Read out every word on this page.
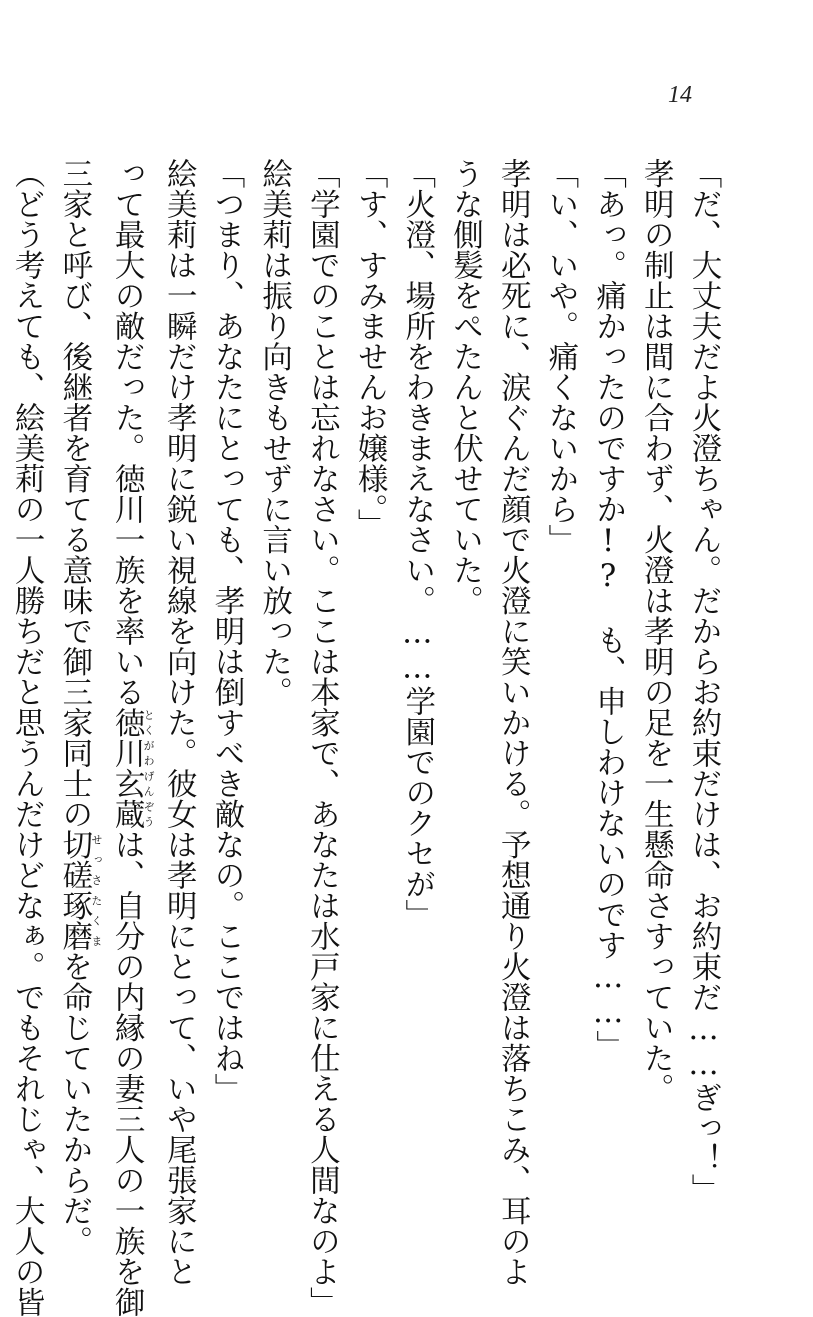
14
「だ、大丈夫だよ火澄ちゃん。だからお約束だけは、お約束だ……ぎっ！」
孝明の制止は間に合わず、火澄は孝明の足を一生懸命さすっていた。
「あっ。痛かったのですか!?　も、申しわけないのです……」
「い、いや。痛くないから」
孝明は必死に、涙ぐんだ顔で火澄に笑いかける。予想通り火澄は落ちこみ、耳のよ
うな側髪をぺたんと伏せていた。
「火澄、場所をわきまえなさい。……学園でのクセが」
「す、すみませんお嬢様。」
「学園でのことは忘れなさい。ここは本家で、あなたは水戸家に仕える人間なのよ」
絵美莉は振り向きもせずに言い放った。
「つまり、あなたにとっても、孝明は倒すべき敵なの。ここではね」
絵美莉は一瞬だけ孝明に鋭い視線を向けた。彼女は孝明にとって、いや尾張家にと
って最大の敵だった。徳川一族を率いる徳川玄蔵とくがわげんぞうは、自分の内縁の妻三人の一族を御
三家と呼び、後継者を育てる意味で御三家同士の切磋せっさ琢磨たくまを命じていたからだ。
（どう考えても、絵美莉の一人勝ちだと思うんだけどなぁ。でもそれじゃ、大人の皆
